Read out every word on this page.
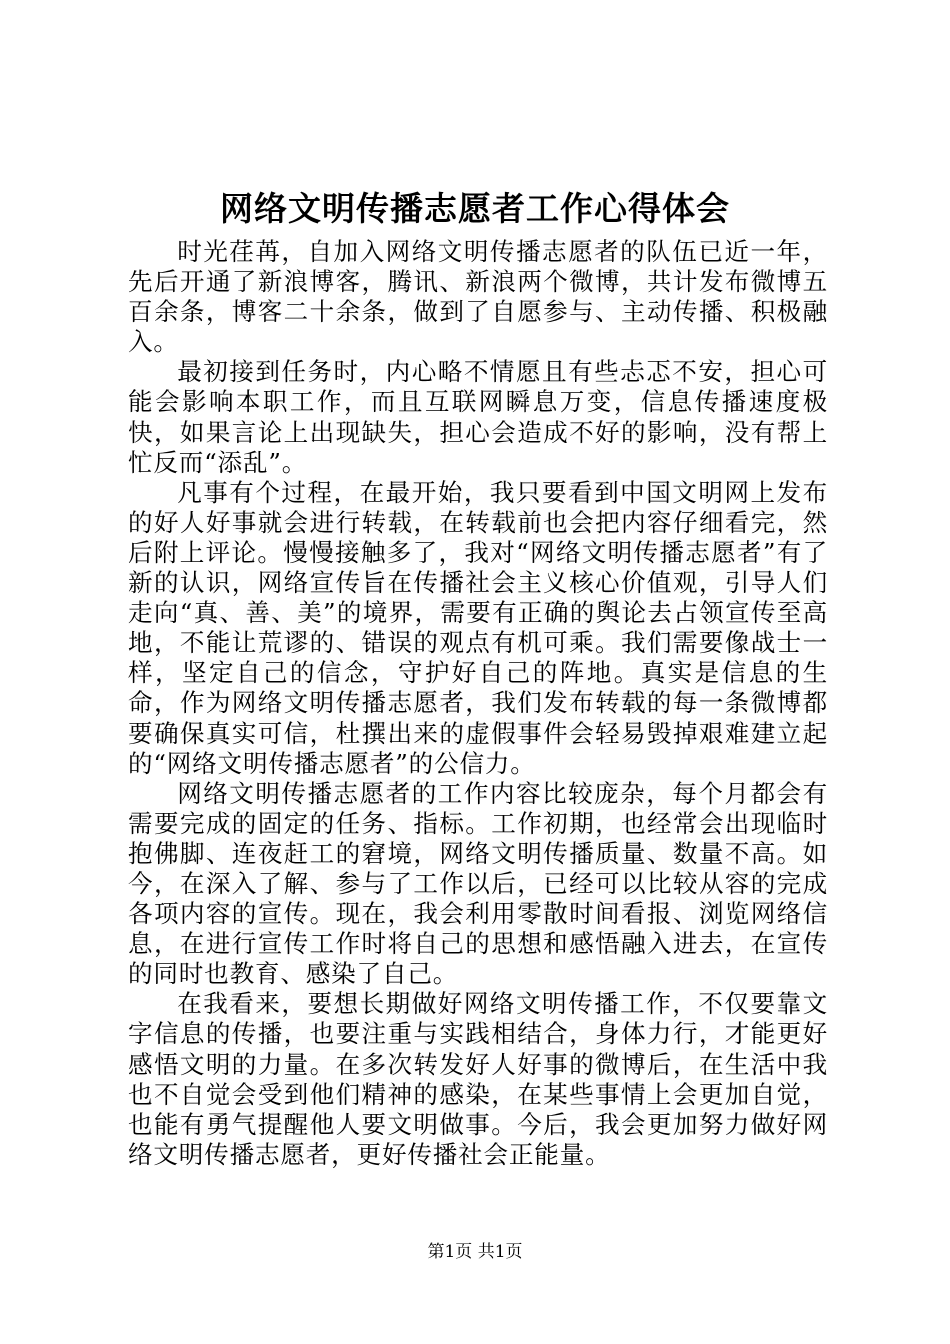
网络文明传播志愿者工作心得体会

时光荏苒，自加入网络文明传播志愿者的队伍已近一年，先后开通了新浪博客，腾讯、新浪两个微博，共计发布微博五百余条，博客二十余条，做到了自愿参与、主动传播、积极融入。

最初接到任务时，内心略不情愿且有些忐忑不安，担心可能会影响本职工作，而且互联网瞬息万变，信息传播速度极快，如果言论上出现缺失，担心会造成不好的影响，没有帮上忙反而“添乱”。

凡事有个过程，在最开始，我只要看到中国文明网上发布的好人好事就会进行转载，在转载前也会把内容仔细看完，然后附上评论。慢慢接触多了，我对“网络文明传播志愿者”有了新的认识，网络宣传旨在传播社会主义核心价值观，引导人们走向“真、善、美”的境界，需要有正确的舆论去占领宣传至高地，不能让荒谬的、错误的观点有机可乘。我们需要像战士一样，坚定自己的信念，守护好自己的阵地。真实是信息的生命，作为网络文明传播志愿者，我们发布转载的每一条微博都要确保真实可信，杜撰出来的虚假事件会轻易毁掉艰难建立起的“网络文明传播志愿者”的公信力。

网络文明传播志愿者的工作内容比较庞杂，每个月都会有需要完成的固定的任务、指标。工作初期，也经常会出现临时抱佛脚、连夜赶工的窘境，网络文明传播质量、数量不高。如今，在深入了解、参与了工作以后，已经可以比较从容的完成各项内容的宣传。现在，我会利用零散时间看报、浏览网络信息，在进行宣传工作时将自己的思想和感悟融入进去，在宣传的同时也教育、感染了自己。

在我看来，要想长期做好网络文明传播工作，不仅要靠文字信息的传播，也要注重与实践相结合，身体力行，才能更好感悟文明的力量。在多次转发好人好事的微博后，在生活中我也不自觉会受到他们精神的感染，在某些事情上会更加自觉，也能有勇气提醒他人要文明做事。今后，我会更加努力做好网络文明传播志愿者，更好传播社会正能量。

第1页 共1页
